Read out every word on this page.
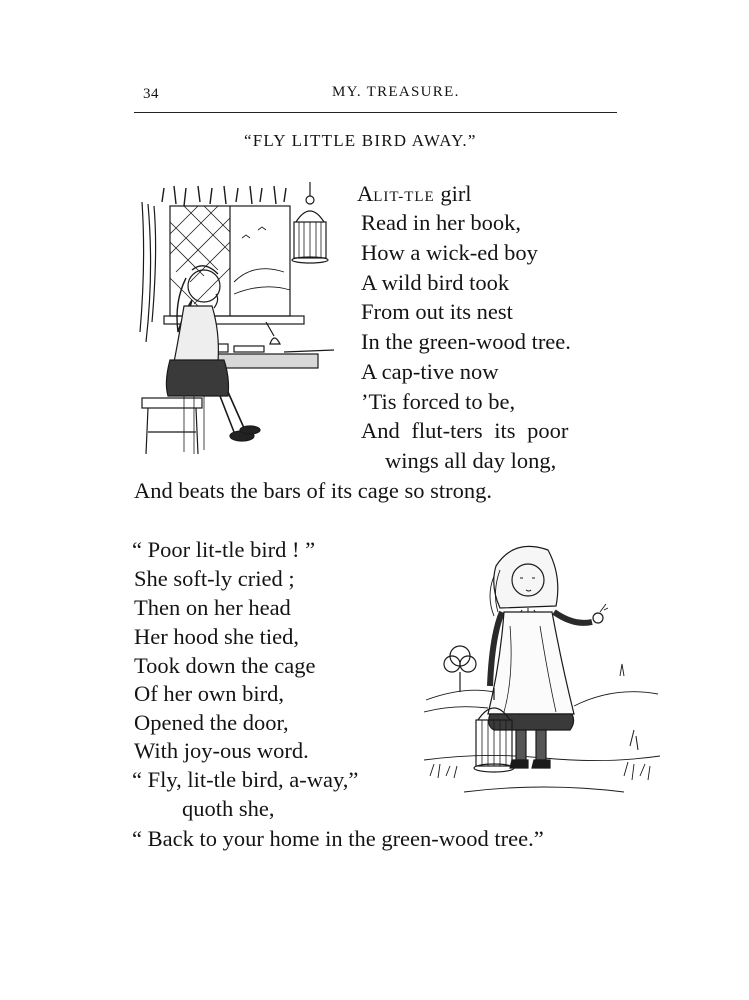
34	MY. TREASURE.
“FLY LITTLE BIRD AWAY.”
ALIT-TLE girl
Read in her book,
How a wick-ed boy
A wild bird took
From out its nest
In the green-wood tree.
A cap-tive now
’Tis forced to be,
And flut-ters its poor
wings all day long,
And beats the bars of its cage so strong.
“ Poor lit-tle bird ! ”
She soft-ly cried ;
Then on her head
Her hood she tied,
Took down the cage
Of her own bird,
Opened the door,
With joy-ous word.
“ Fly, lit-tle bird, a-way,”
quoth she,
“ Back to your home in the green-wood tree.”
